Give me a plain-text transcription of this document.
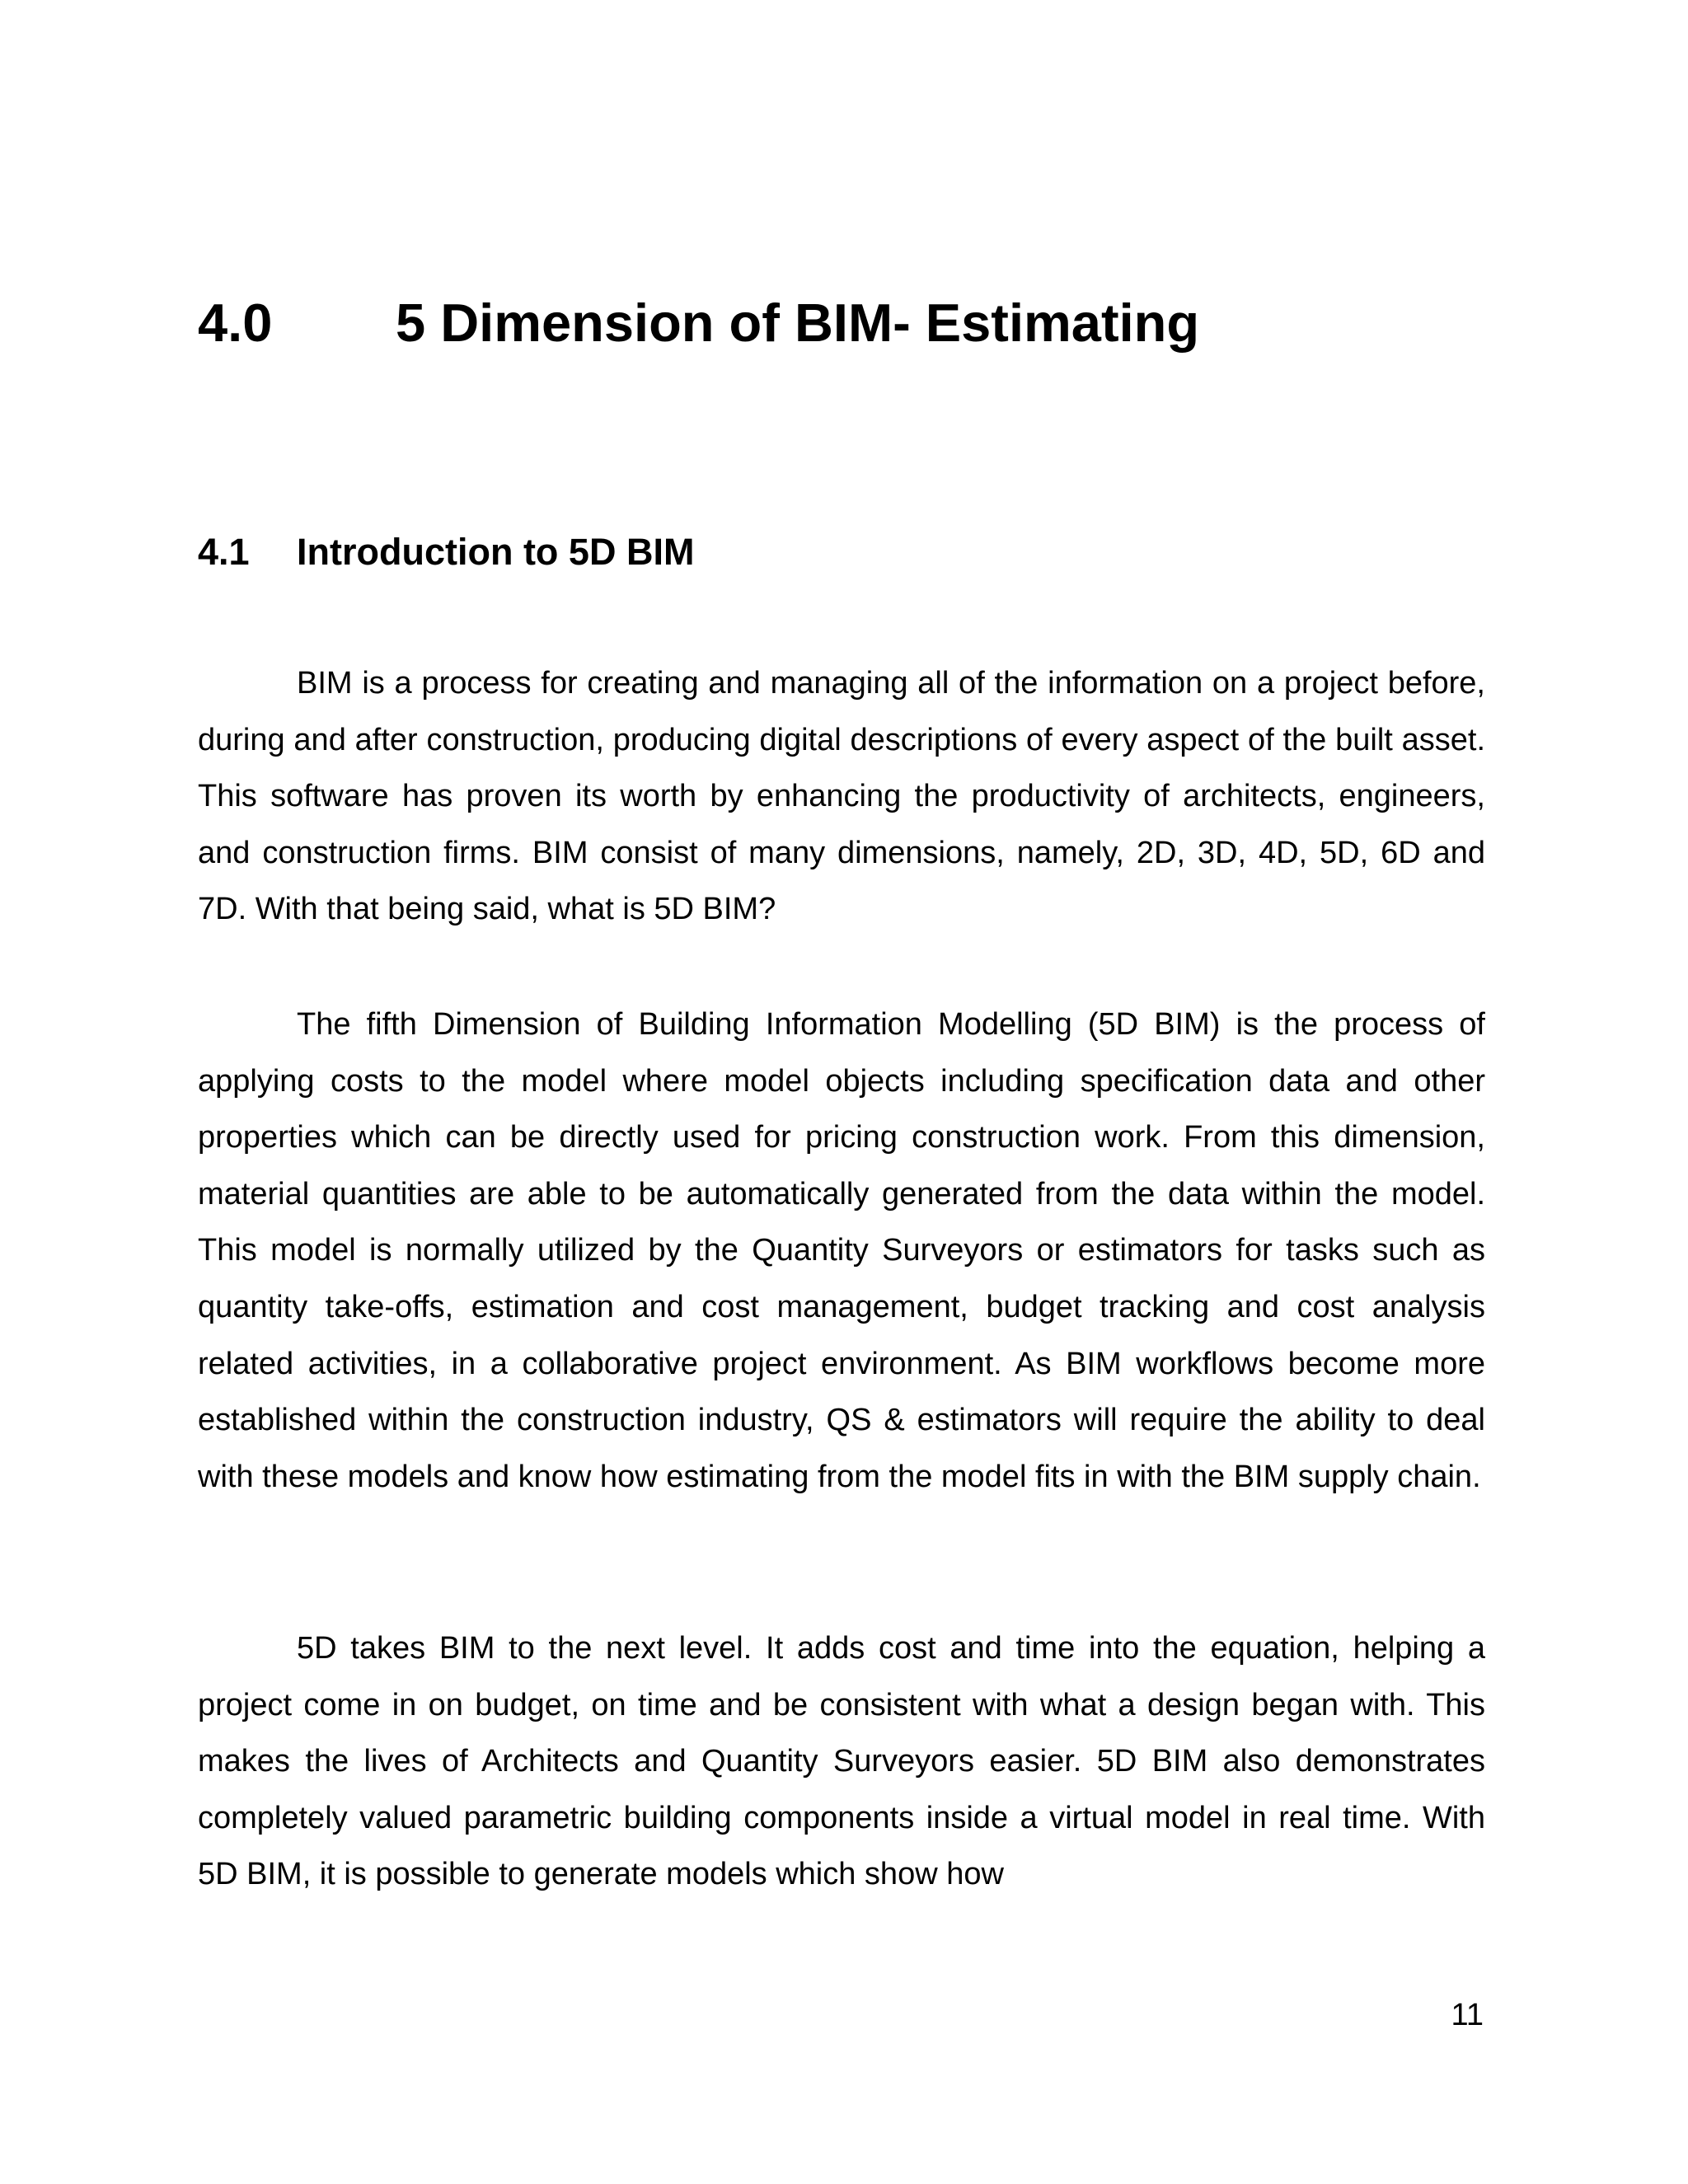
4.0 5 Dimension of BIM- Estimating
4.1 Introduction to 5D BIM

BIM is a process for creating and managing all of the information on a project before, during and after construction, producing digital descriptions of every aspect of the built asset. This software has proven its worth by enhancing the productivity of architects, engineers, and construction firms. BIM consist of many dimensions, namely, 2D, 3D, 4D, 5D, 6D and 7D. With that being said, what is 5D BIM?

The fifth Dimension of Building Information Modelling (5D BIM) is the process of applying costs to the model where model objects including specification data and other properties which can be directly used for pricing construction work. From this dimension, material quantities are able to be automatically generated from the data within the model. This model is normally utilized by the Quantity Surveyors or estimators for tasks such as quantity take-offs, estimation and cost management, budget tracking and cost analysis related activities, in a collaborative project environment. As BIM workflows become more established within the construction industry, QS & estimators will require the ability to deal with these models and know how estimating from the model fits in with the BIM supply chain.

5D takes BIM to the next level. It adds cost and time into the equation, helping a project come in on budget, on time and be consistent with what a design began with. This makes the lives of Architects and Quantity Surveyors easier. 5D BIM also demonstrates completely valued parametric building components inside a virtual model in real time. With 5D BIM, it is possible to generate models which show how

11
